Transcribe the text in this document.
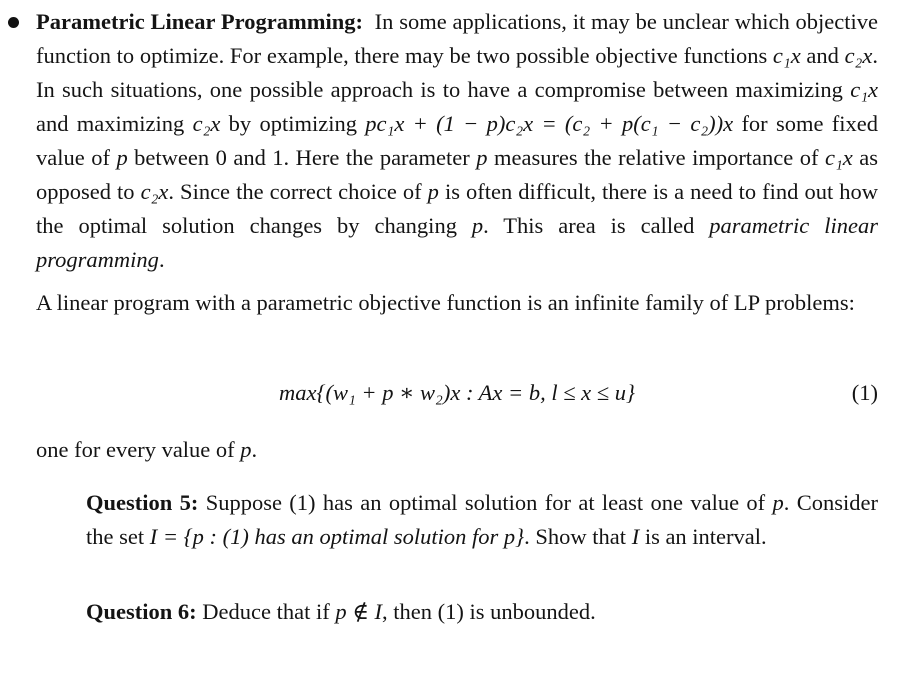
Parametric Linear Programming: In some applications, it may be unclear which objective function to optimize. For example, there may be two possible objective functions c₁x and c₂x. In such situations, one possible approach is to have a compromise between maximizing c₁x and maximizing c₂x by optimizing pc₁x + (1 − p)c₂x = (c₂ + p(c₁ − c₂))x for some fixed value of p between 0 and 1. Here the parameter p measures the relative importance of c₁x as opposed to c₂x. Since the correct choice of p is often difficult, there is a need to find out how the optimal solution changes by changing p. This area is called parametric linear programming.
A linear program with a parametric objective function is an infinite family of LP problems:
max{(w₁ + p ∗ w₂)x : Ax = b, l ≤ x ≤ u}	(1)
one for every value of p.
Question 5: Suppose (1) has an optimal solution for at least one value of p. Consider the set I = {p : (1) has an optimal solution for p}. Show that I is an interval.
Question 6: Deduce that if p ∉ I, then (1) is unbounded.
